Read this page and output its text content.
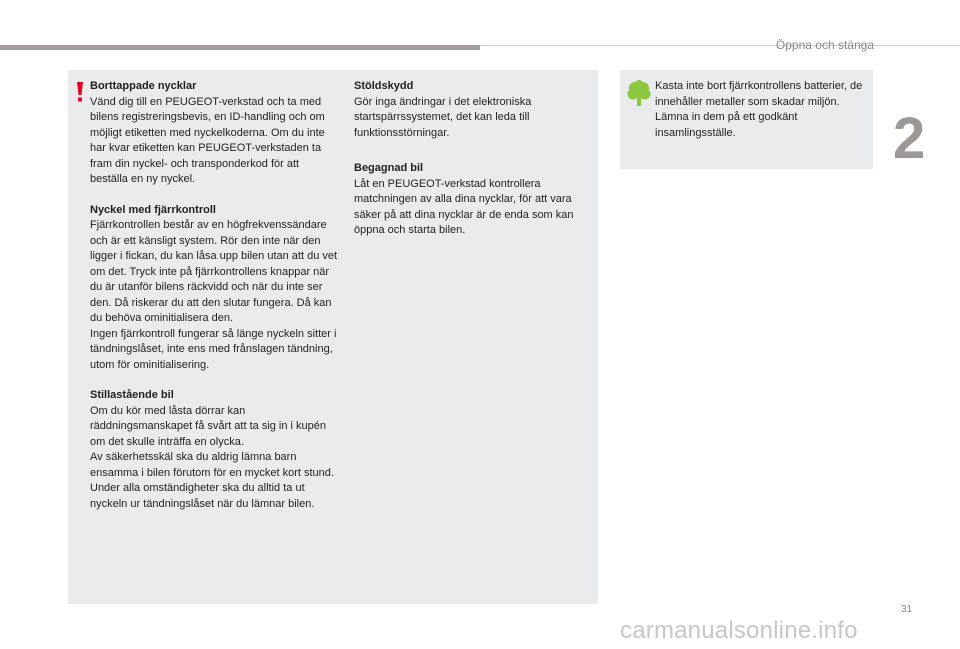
Öppna och stänga
2

Borttappade nycklar

Vänd dig till en PEUGEOT-verkstad och ta med bilens registreringsbevis, en ID-handling och om möjligt etiketten med nyckelkoderna. Om du inte har kvar etiketten kan PEUGEOT-verkstaden ta fram din nyckel- och transponderkod för att beställa en ny nyckel.

Nyckel med fjärrkontroll

Fjärrkontrollen består av en högfrekvenssändare och är ett känsligt system. Rör den inte när den ligger i fickan, du kan låsa upp bilen utan att du vet om det. Tryck inte på fjärrkontrollens knappar när du är utanför bilens räckvidd och när du inte ser den. Då riskerar du att den slutar fungera. Då kan du behöva ominitialisera den.

Ingen fjärrkontroll fungerar så länge nyckeln sitter i tändningslåset, inte ens med frånslagen tändning, utom för ominitialisering.

Stillastående bil

Om du kör med låsta dörrar kan räddningsmanskapet få svårt att ta sig in i kupén om det skulle inträffa en olycka.

Av säkerhetsskäl ska du aldrig lämna barn ensamma i bilen förutom för en mycket kort stund.

Under alla omständigheter ska du alltid ta ut nyckeln ur tändningslåset när du lämnar bilen.

Stöldskydd

Gör inga ändringar i det elektroniska startspärrssystemet, det kan leda till funktionsstörningar.

Begagnad bil

Låt en PEUGEOT-verkstad kontrollera matchningen av alla dina nycklar, för att vara säker på att dina nycklar är de enda som kan öppna och starta bilen.

Kasta inte bort fjärrkontrollens batterier, de innehåller metaller som skadar miljön.

Lämna in dem på ett godkänt insamlingsställe.

31
carmanualsonline.info
